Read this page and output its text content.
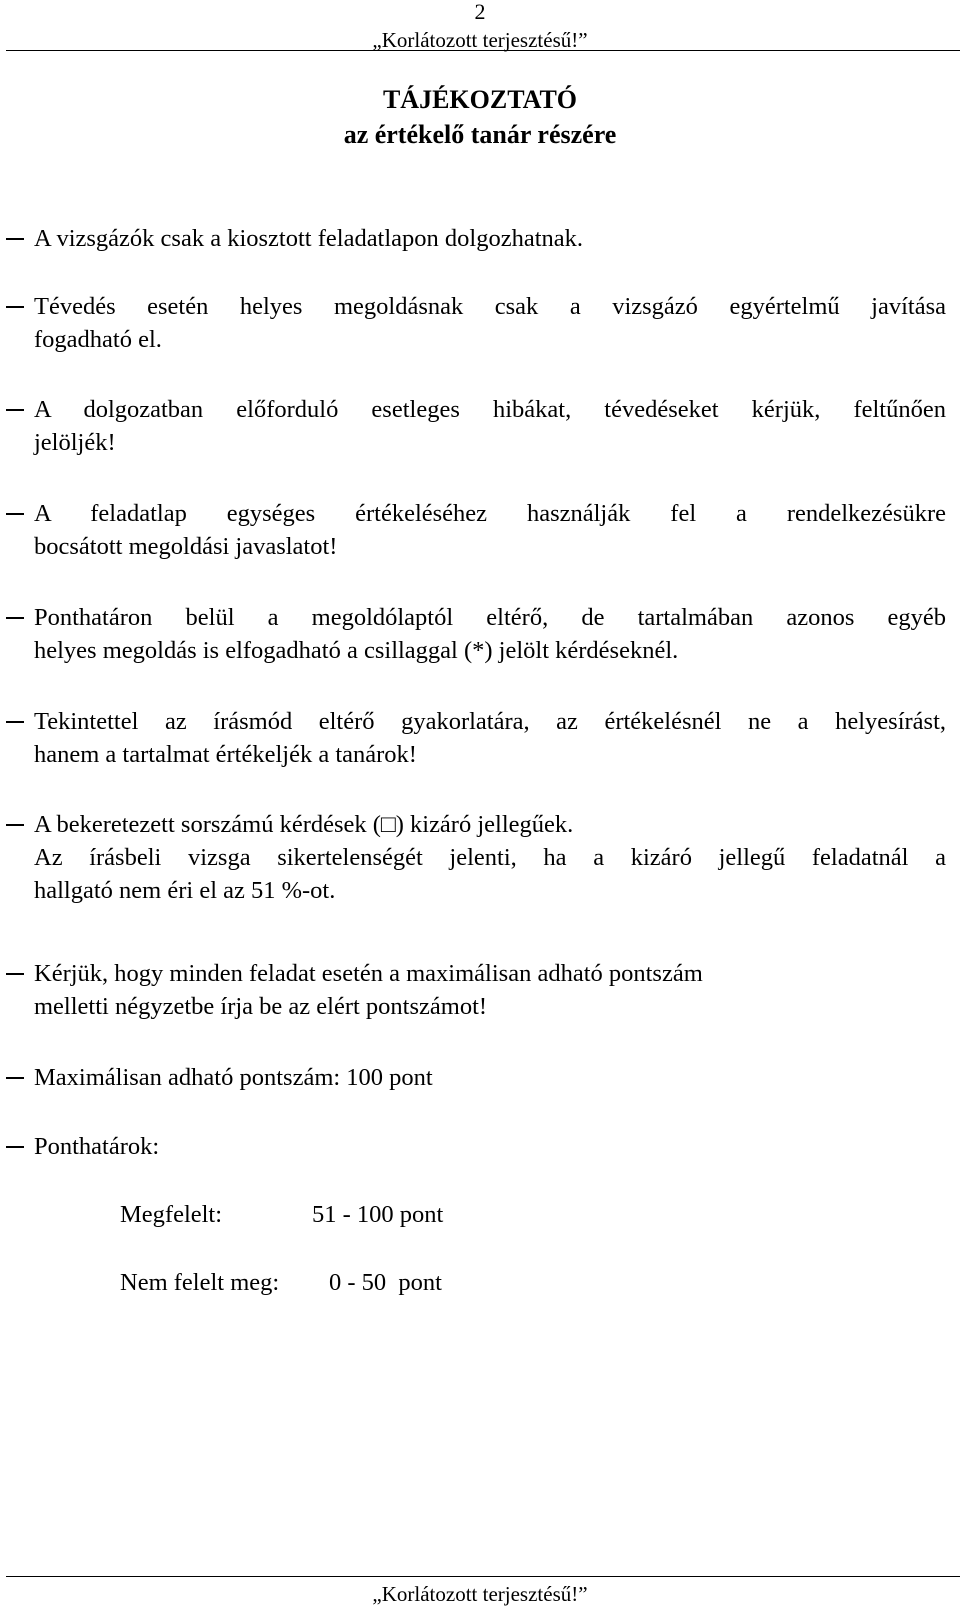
2
„Korlátozott terjesztésű!”
TÁJÉKOZTATÓ
az értékelő tanár részére
A vizsgázók csak a kiosztott feladatlapon dolgozhatnak.
Tévedés esetén helyes megoldásnak csak a vizsgázó egyértelmű javítása
fogadható el.
A dolgozatban előforduló esetleges hibákat, tévedéseket kérjük, feltűnően
jelöljék!
A feladatlap egységes értékeléséhez használják fel a rendelkezésükre
bocsátott megoldási javaslatot!
Ponthatáron belül a megoldólaptól eltérő, de tartalmában azonos egyéb
helyes megoldás is elfogadható a csillaggal (*) jelölt kérdéseknél.
Tekintettel az írásmód eltérő gyakorlatára, az értékelésnél ne a helyesírást,
hanem a tartalmat értékeljék a tanárok!
A bekeretezett sorszámú kérdések (□) kizáró jellegűek.
Az írásbeli vizsga sikertelenségét jelenti, ha a kizáró jellegű feladatnál a
hallgató nem éri el az 51 %-ot.
Kérjük, hogy minden feladat esetén a maximálisan adható pontszám
melletti négyzetbe írja be az elért pontszámot!
Maximálisan adható pontszám: 100 pont
Ponthatárok:
Megfelelt:	51 - 100 pont
Nem felelt meg: 0 - 50  pont
„Korlátozott terjesztésű!”
